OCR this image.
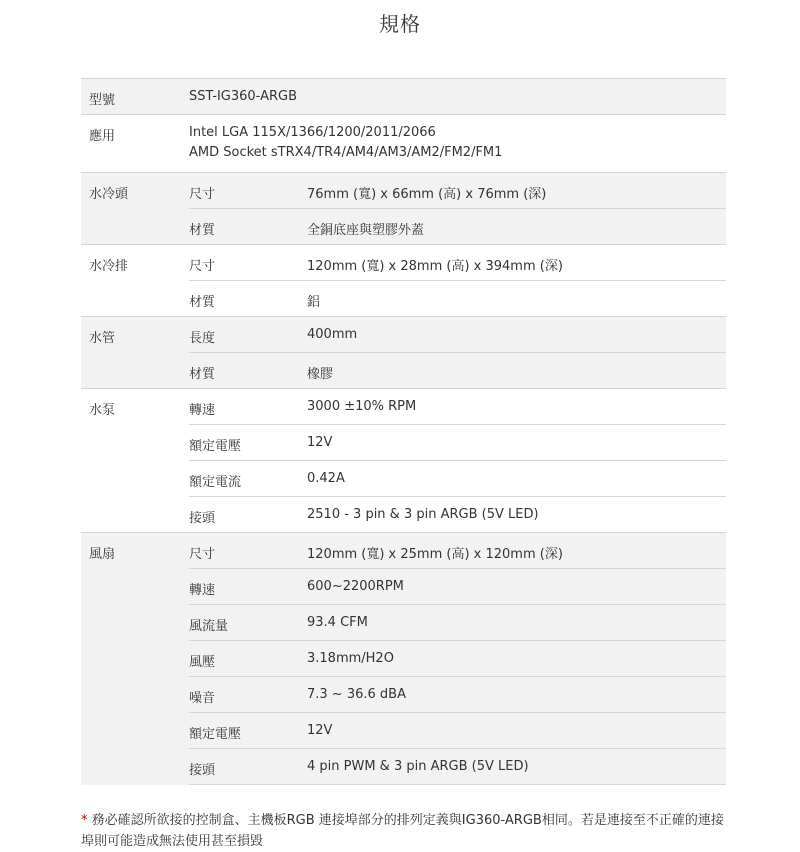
規格
型號	SST-IG360-ARGB	

應用	Intel LGA 115X/1366/1200/2011/2066
AMD Socket sTRX4/TR4/AM4/AM3/AM2/FM2/FM1	

水冷頭	尺寸	76mm (寬) x 66mm (高) x 76mm (深)

	材質	全銅底座與塑膠外蓋

水冷排	尺寸	120mm (寬) x 28mm (高) x 394mm (深)

	材質	鋁

水管	長度	400mm

	材質	橡膠

水泵	轉速	3000 ±10% RPM

	額定電壓	12V

	額定電流	0.42A

	接頭	2510 - 3 pin & 3 pin ARGB (5V LED)

風扇	尺寸	120mm (寬) x 25mm (高) x 120mm (深)

	轉速	600~2200RPM

	風流量	93.4 CFM

	風壓	3.18mm/H2O

	噪音	7.3 ~ 36.6 dBA

	額定電壓	12V

	接頭	4 pin PWM & 3 pin ARGB (5V LED)
* 務必確認所欲接的控制盒、主機板RGB 連接埠部分的排列定義與IG360-ARGB相同。若是連接至不正確的連接埠則可能造成無法使用甚至損毀
